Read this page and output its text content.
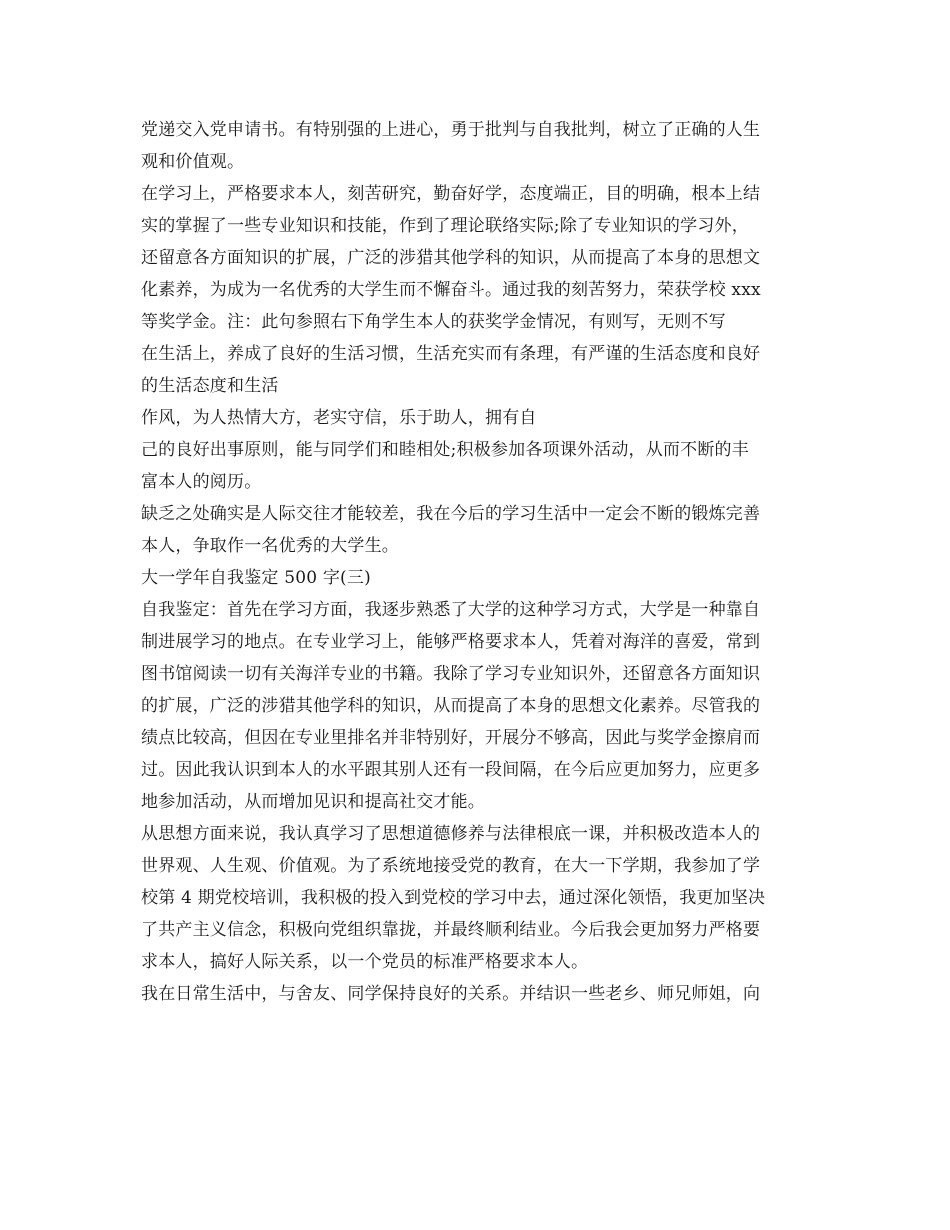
党递交入党申请书。有特别强的上进心，勇于批判与自我批判，树立了正确的人生
观和价值观。
在学习上，严格要求本人，刻苦研究，勤奋好学，态度端正，目的明确，根本上结
实的掌握了一些专业知识和技能，作到了理论联络实际;除了专业知识的学习外，
还留意各方面知识的扩展，广泛的涉猎其他学科的知识，从而提高了本身的思想文
化素养，为成为一名优秀的大学生而不懈奋斗。通过我的刻苦努力，荣获学校 xxx
等奖学金。注：此句参照右下角学生本人的获奖学金情况，有则写，无则不写
在生活上，养成了良好的生活习惯，生活充实而有条理，有严谨的生活态度和良好
的生活态度和生活
作风，为人热情大方，老实守信，乐于助人，拥有自
己的良好出事原则，能与同学们和睦相处;积极参加各项课外活动，从而不断的丰
富本人的阅历。
缺乏之处确实是人际交往才能较差，我在今后的学习生活中一定会不断的锻炼完善
本人，争取作一名优秀的大学生。
大一学年自我鉴定 500 字(三)
自我鉴定：首先在学习方面，我逐步熟悉了大学的这种学习方式，大学是一种靠自
制进展学习的地点。在专业学习上，能够严格要求本人，凭着对海洋的喜爱，常到
图书馆阅读一切有关海洋专业的书籍。我除了学习专业知识外，还留意各方面知识
的扩展，广泛的涉猎其他学科的知识，从而提高了本身的思想文化素养。尽管我的
绩点比较高，但因在专业里排名并非特别好，开展分不够高，因此与奖学金擦肩而
过。因此我认识到本人的水平跟其别人还有一段间隔，在今后应更加努力，应更多
地参加活动，从而增加见识和提高社交才能。
从思想方面来说，我认真学习了思想道德修养与法律根底一课，并积极改造本人的
世界观、人生观、价值观。为了系统地接受党的教育，在大一下学期，我参加了学
校第 4 期党校培训，我积极的投入到党校的学习中去，通过深化领悟，我更加坚决
了共产主义信念，积极向党组织靠拢，并最终顺利结业。今后我会更加努力严格要
求本人，搞好人际关系，以一个党员的标准严格要求本人。
我在日常生活中，与舍友、同学保持良好的关系。并结识一些老乡、师兄师姐，向
